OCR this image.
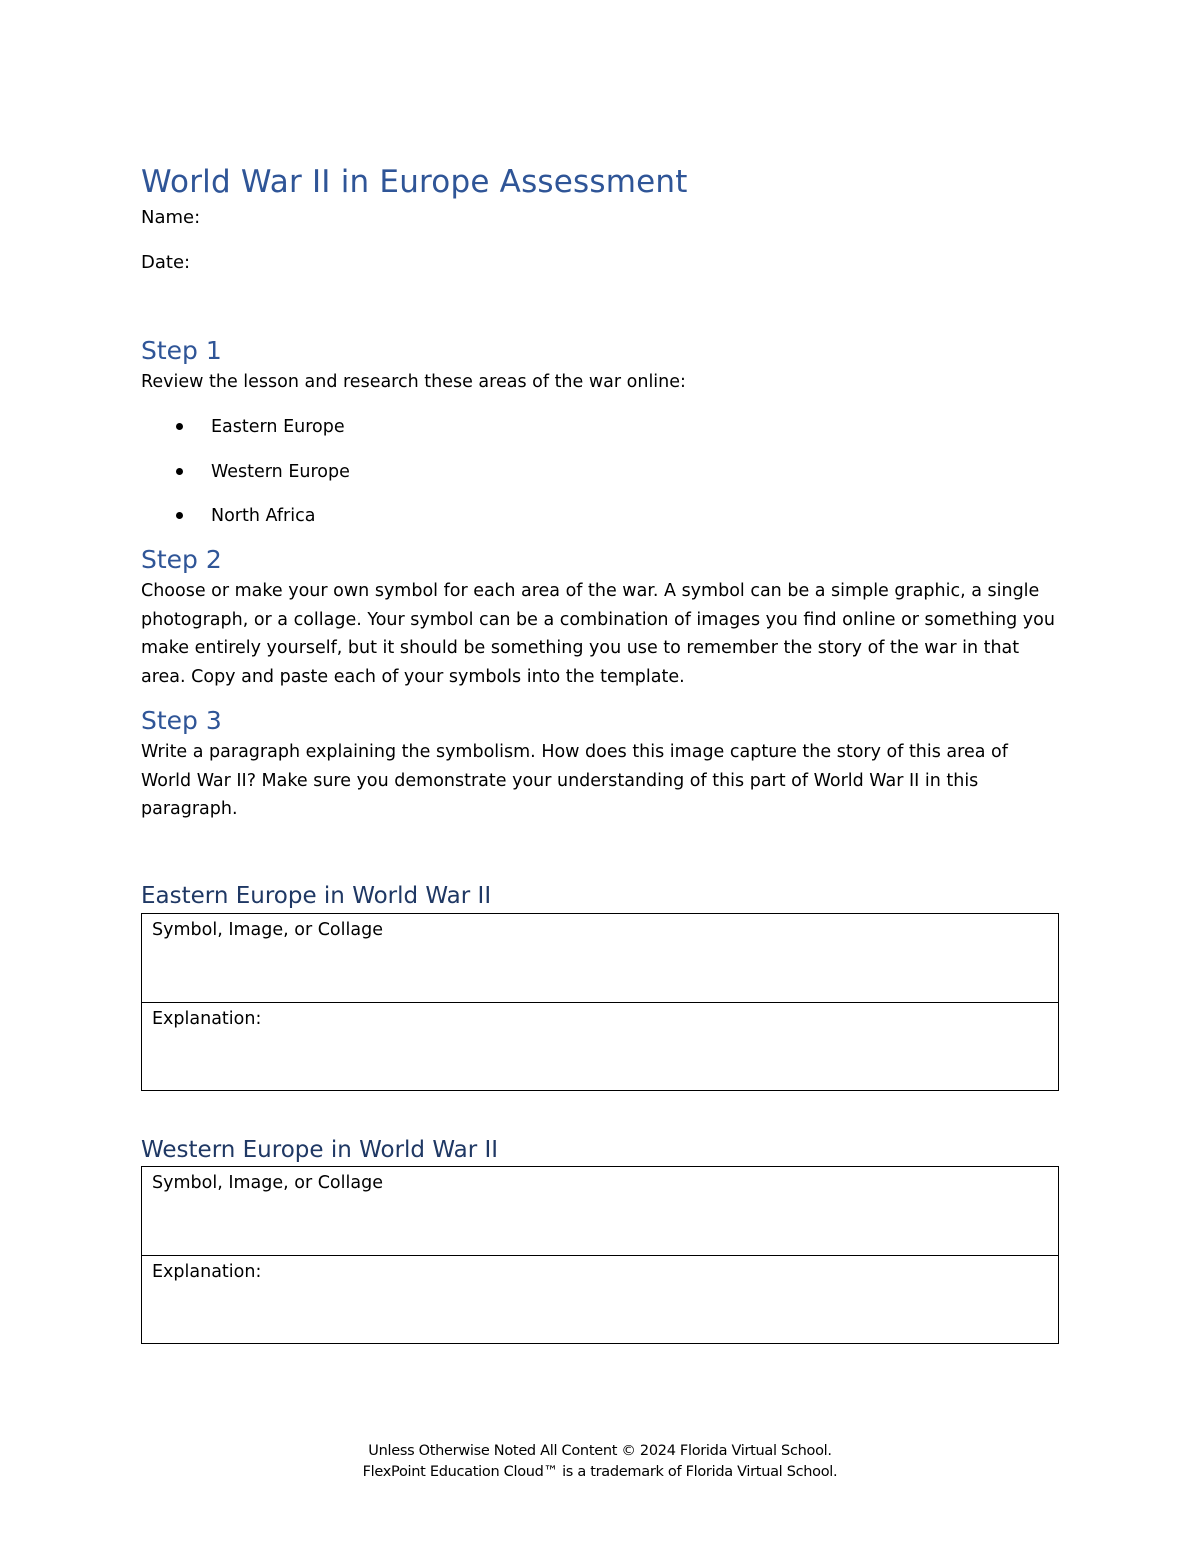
World War II in Europe Assessment

Name:

Date:

Step 1

Review the lesson and research these areas of the war online:

Eastern Europe
Western Europe
North Africa
Step 2

Choose or make your own symbol for each area of the war. A symbol can be a simple graphic, a single photograph, or a collage. Your symbol can be a combination of images you find online or something you make entirely yourself, but it should be something you use to remember the story of the war in that area. Copy and paste each of your symbols into the template.

Step 3

Write a paragraph explaining the symbolism. How does this image capture the story of this area of World War II? Make sure you demonstrate your understanding of this part of World War II in this paragraph.

Eastern Europe in World War II
Symbol, Image, or Collage
Explanation:
Western Europe in World War II
Symbol, Image, or Collage
Explanation:
Unless Otherwise Noted All Content © 2024 Florida Virtual School.
FlexPoint Education Cloud™ is a trademark of Florida Virtual School.
